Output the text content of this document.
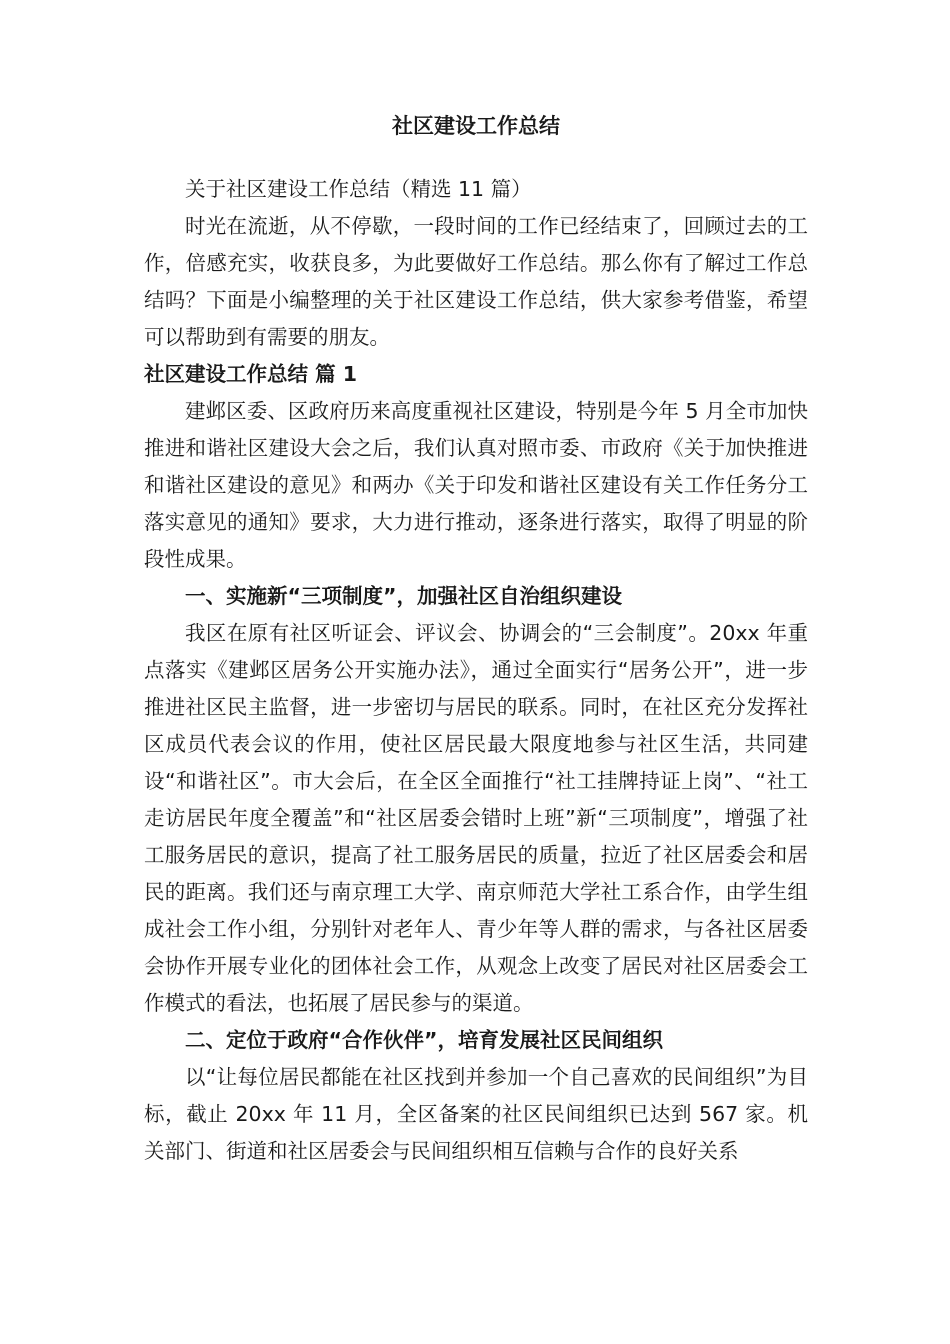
社区建设工作总结

关于社区建设工作总结（精选 11 篇）

时光在流逝，从不停歇，一段时间的工作已经结束了，回顾过去的工作，倍感充实，收获良多，为此要做好工作总结。那么你有了解过工作总结吗？下面是小编整理的关于社区建设工作总结，供大家参考借鉴，希望可以帮助到有需要的朋友。

社区建设工作总结 篇 1

建邺区委、区政府历来高度重视社区建设，特别是今年 5 月全市加快推进和谐社区建设大会之后，我们认真对照市委、市政府《关于加快推进和谐社区建设的意见》和两办《关于印发和谐社区建设有关工作任务分工落实意见的通知》要求，大力进行推动，逐条进行落实，取得了明显的阶段性成果。

一、实施新“三项制度”，加强社区自治组织建设

我区在原有社区听证会、评议会、协调会的“三会制度”。20xx 年重点落实《建邺区居务公开实施办法》，通过全面实行“居务公开”，进一步推进社区民主监督，进一步密切与居民的联系。同时，在社区充分发挥社区成员代表会议的作用，使社区居民最大限度地参与社区生活，共同建设“和谐社区”。市大会后，在全区全面推行“社工挂牌持证上岗”、“社工走访居民年度全覆盖”和“社区居委会错时上班”新“三项制度”，增强了社工服务居民的意识，提高了社工服务居民的质量，拉近了社区居委会和居民的距离。我们还与南京理工大学、南京师范大学社工系合作，由学生组成社会工作小组，分别针对老年人、青少年等人群的需求，与各社区居委会协作开展专业化的团体社会工作，从观念上改变了居民对社区居委会工作模式的看法，也拓展了居民参与的渠道。

二、定位于政府“合作伙伴”，培育发展社区民间组织

以“让每位居民都能在社区找到并参加一个自己喜欢的民间组织”为目标，截止 20xx 年 11 月，全区备案的社区民间组织已达到 567 家。机关部门、街道和社区居委会与民间组织相互信赖与合作的良好关系
